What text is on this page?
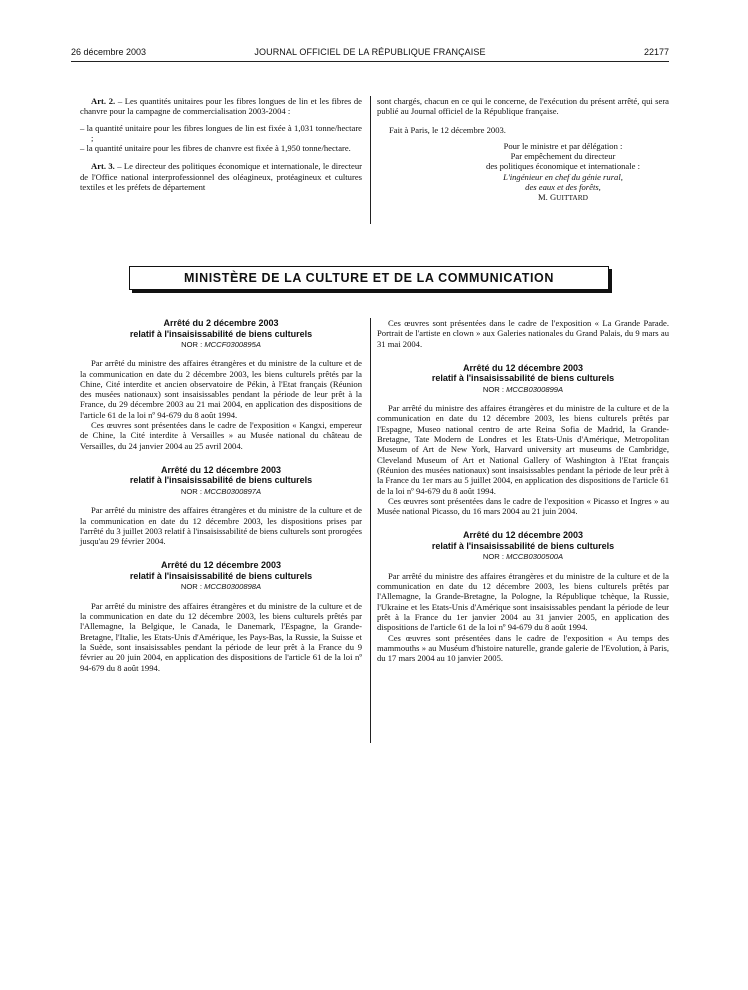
26 décembre 2003	JOURNAL OFFICIEL DE LA RÉPUBLIQUE FRANÇAISE	22177

Art. 2. – Les quantités unitaires pour les fibres longues de lin et les fibres de chanvre pour la campagne de commercialisation 2003-2004 :

– la quantité unitaire pour les fibres longues de lin est fixée à 1,031 tonne/hectare ;

– la quantité unitaire pour les fibres de chanvre est fixée à 1,950 tonne/hectare.

Art. 3. – Le directeur des politiques économique et internationale, le directeur de l'Office national interprofessionnel des oléagineux, protéagineux et cultures textiles et les préfets de département

sont chargés, chacun en ce qui le concerne, de l'exécution du présent arrêté, qui sera publié au Journal officiel de la République française.

Fait à Paris, le 12 décembre 2003.

Pour le ministre et par délégation :

Par empêchement du directeur

des politiques économique et internationale :

L'ingénieur en chef du génie rural,

des eaux et des forêts,

M. GUITTARD

MINISTÈRE DE LA CULTURE ET DE LA COMMUNICATION

Arrêté du 2 décembre 2003

relatif à l'insaisissabilité de biens culturels

NOR : MCCF0300895A

Par arrêté du ministre des affaires étrangères et du ministre de la culture et de la communication en date du 2 décembre 2003, les biens culturels prêtés par la Chine, Cité interdite et ancien observatoire de Pékin, à l'Etat français (Réunion des musées nationaux) sont insaisissables pendant la période de leur prêt à la France, du 29 décembre 2003 au 21 mai 2004, en application des dispositions de l'article 61 de la loi nº 94-679 du 8 août 1994.

Ces œuvres sont présentées dans le cadre de l'exposition « Kangxi, empereur de Chine, la Cité interdite à Versailles » au Musée national du château de Versailles, du 24 janvier 2004 au 25 avril 2004.

Arrêté du 12 décembre 2003

relatif à l'insaisissabilité de biens culturels

NOR : MCCB0300897A

Par arrêté du ministre des affaires étrangères et du ministre de la culture et de la communication en date du 12 décembre 2003, les dispositions prises par l'arrêté du 3 juillet 2003 relatif à l'insaisissabilité de biens culturels sont prorogées jusqu'au 29 février 2004.

Arrêté du 12 décembre 2003

relatif à l'insaisissabilité de biens culturels

NOR : MCCB0300898A

Par arrêté du ministre des affaires étrangères et du ministre de la culture et de la communication en date du 12 décembre 2003, les biens culturels prêtés par l'Allemagne, la Belgique, le Canada, le Danemark, l'Espagne, la Grande-Bretagne, l'Italie, les Etats-Unis d'Amérique, les Pays-Bas, la Russie, la Suisse et la Suède, sont insaisissables pendant la période de leur prêt à la France du 9 février au 20 juin 2004, en application des dispositions de l'article 61 de la loi nº 94-679 du 8 août 1994.

Ces œuvres sont présentées dans le cadre de l'exposition « La Grande Parade. Portrait de l'artiste en clown » aux Galeries nationales du Grand Palais, du 9 mars au 31 mai 2004.

Arrêté du 12 décembre 2003

relatif à l'insaisissabilité de biens culturels

NOR : MCCB0300899A

Par arrêté du ministre des affaires étrangères et du ministre de la culture et de la communication en date du 12 décembre 2003, les biens culturels prêtés par l'Espagne, Museo national centro de arte Reina Sofia de Madrid, la Grande-Bretagne, Tate Modern de Londres et les Etats-Unis d'Amérique, Metropolitan Museum of Art de New York, Harvard university art museums de Cambridge, Cleveland Museum of Art et National Gallery of Washington à l'Etat français (Réunion des musées nationaux) sont insaisissables pendant la période de leur prêt à la France du 1er mars au 5 juillet 2004, en application des dispositions de l'article 61 de la loi nº 94-679 du 8 août 1994.

Ces œuvres sont présentées dans le cadre de l'exposition « Picasso et Ingres » au Musée national Picasso, du 16 mars 2004 au 21 juin 2004.

Arrêté du 12 décembre 2003

relatif à l'insaisissabilité de biens culturels

NOR : MCCB0300500A

Par arrêté du ministre des affaires étrangères et du ministre de la culture et de la communication en date du 12 décembre 2003, les biens culturels prêtés par l'Allemagne, la Grande-Bretagne, la Pologne, la République tchèque, la Russie, l'Ukraine et les Etats-Unis d'Amérique sont insaisissables pendant la période de leur prêt à la France du 1er janvier 2004 au 31 janvier 2005, en application des dispositions de l'article 61 de la loi nº 94-679 du 8 août 1994.

Ces œuvres sont présentées dans le cadre de l'exposition « Au temps des mammouths » au Muséum d'histoire naturelle, grande galerie de l'Evolution, à Paris, du 17 mars 2004 au 10 janvier 2005.
